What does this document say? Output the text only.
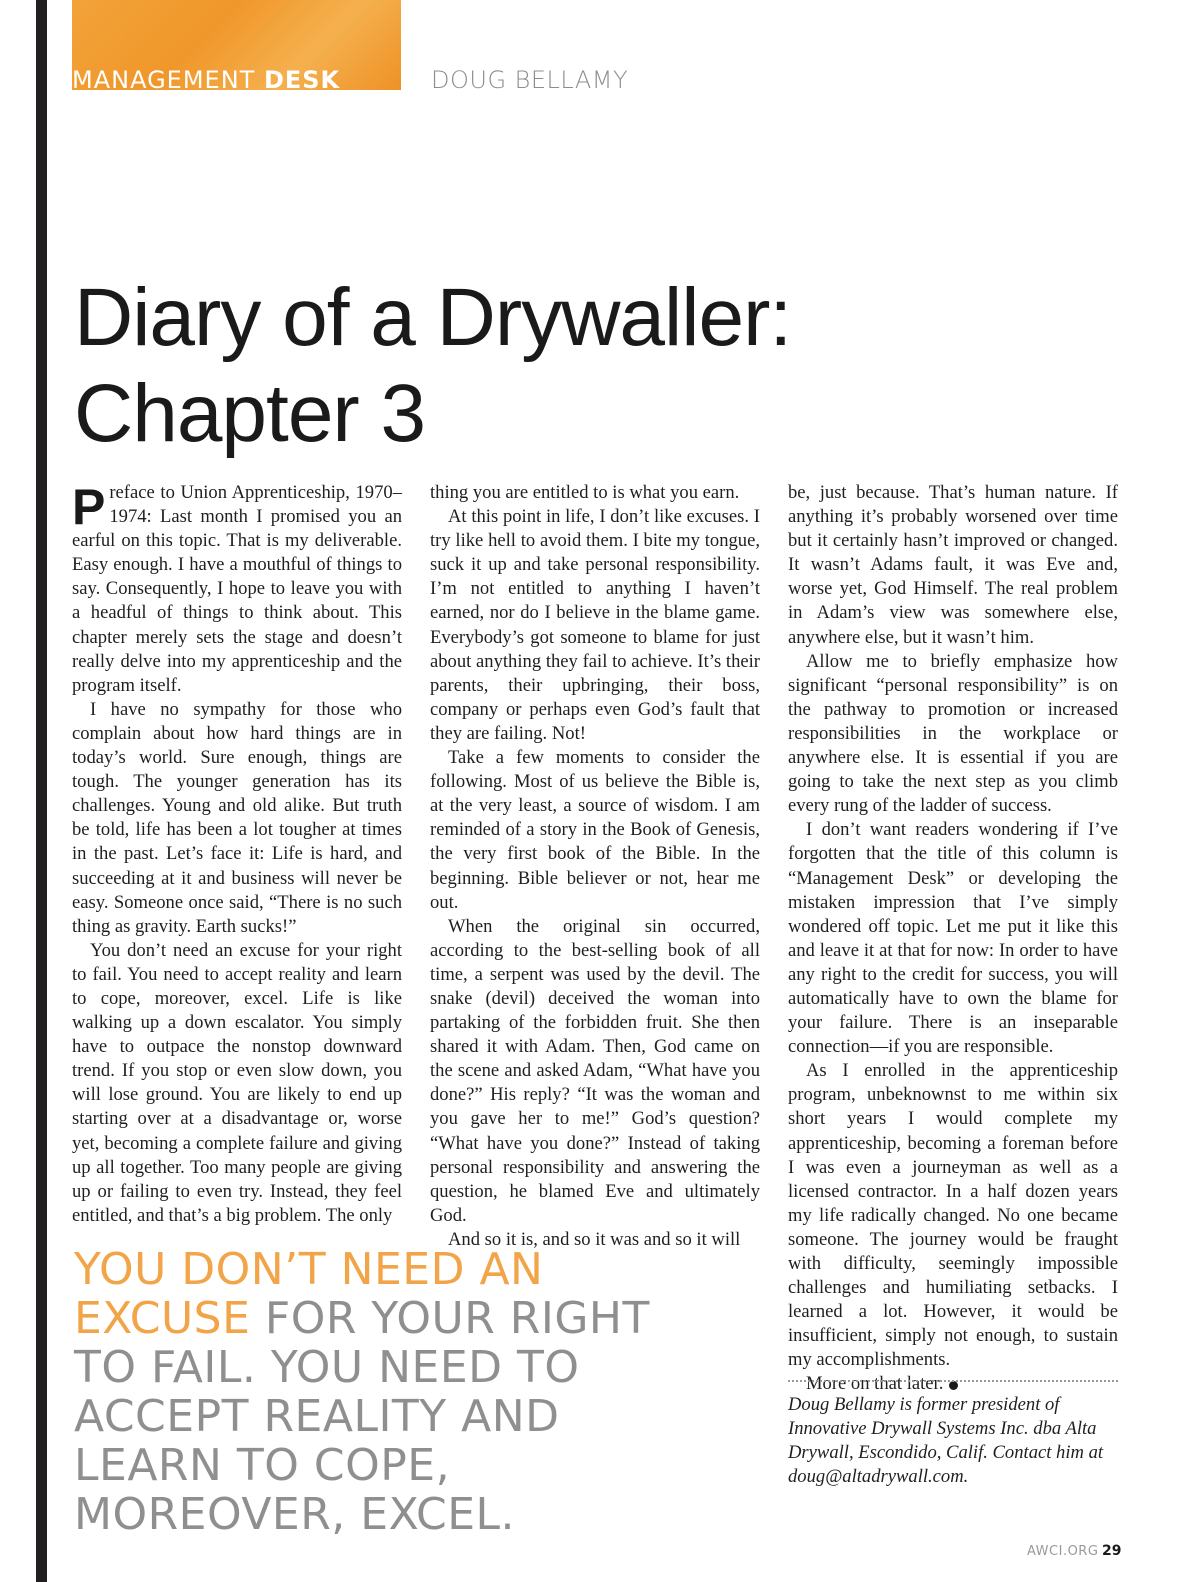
MANAGEMENT DESK	DOUG BELLAMY
Diary of a Drywaller:
Chapter 3

Preface to Union Apprenticeship, 1970–1974: Last month I promised you an earful on this topic. That is my deliverable. Easy enough. I have a mouthful of things to say. Consequently, I hope to leave you with a headful of things to think about. This chapter merely sets the stage and doesn’t really delve into my apprenticeship and the program itself.

I have no sympathy for those who complain about how hard things are in today’s world. Sure enough, things are tough. The younger generation has its challenges. Young and old alike. But truth be told, life has been a lot tougher at times in the past. Let’s face it: Life is hard, and succeeding at it and business will never be easy. Someone once said, “There is no such thing as gravity. Earth sucks!”

You don’t need an excuse for your right to fail. You need to accept reality and learn to cope, moreover, excel. Life is like walking up a down escalator. You simply have to outpace the nonstop downward trend. If you stop or even slow down, you will lose ground. You are likely to end up starting over at a disadvantage or, worse yet, becoming a complete failure and giving up all together. Too many people are giving up or failing to even try. Instead, they feel entitled, and that’s a big problem. The only

thing you are entitled to is what you earn.

At this point in life, I don’t like excuses. I try like hell to avoid them. I bite my tongue, suck it up and take personal responsibility. I’m not entitled to anything I haven’t earned, nor do I believe in the blame game. Everybody’s got someone to blame for just about anything they fail to achieve. It’s their parents, their upbringing, their boss, company or perhaps even God’s fault that they are failing. Not!

Take a few moments to consider the following. Most of us believe the Bible is, at the very least, a source of wisdom. I am reminded of a story in the Book of Genesis, the very first book of the Bible. In the beginning. Bible believer or not, hear me out.

When the original sin occurred, according to the best-selling book of all time, a serpent was used by the devil. The snake (devil) deceived the woman into partaking of the forbidden fruit. She then shared it with Adam. Then, God came on the scene and asked Adam, “What have you done?” His reply? “It was the woman and you gave her to me!” God’s question? “What have you done?” Instead of taking personal responsibility and answering the question, he blamed Eve and ultimately God.

And so it is, and so it was and so it will

be, just because. That’s human nature. If anything it’s probably worsened over time but it certainly hasn’t improved or changed. It wasn’t Adams fault, it was Eve and, worse yet, God Himself. The real problem in Adam’s view was somewhere else, anywhere else, but it wasn’t him.

Allow me to briefly emphasize how significant “personal responsibility” is on the pathway to promotion or increased responsibilities in the workplace or anywhere else. It is essential if you are going to take the next step as you climb every rung of the ladder of success.

I don’t want readers wondering if I’ve forgotten that the title of this column is “Management Desk” or developing the mistaken impression that I’ve simply wondered off topic. Let me put it like this and leave it at that for now: In order to have any right to the credit for success, you will automatically have to own the blame for your failure. There is an inseparable connection—if you are responsible.

As I enrolled in the apprenticeship program, unbeknownst to me within six short years I would complete my apprenticeship, becoming a foreman before I was even a journeyman as well as a licensed contractor. In a half dozen years my life radically changed. No one became someone. The journey would be fraught with difficulty, seemingly impossible challenges and humiliating setbacks. I learned a lot. However, it would be insufficient, simply not enough, to sustain my accomplishments.

More on that later.

YOU DON’T NEED AN EXCUSE FOR YOUR RIGHT TO FAIL. YOU NEED TO ACCEPT REALITY AND LEARN TO COPE, MOREOVER, EXCEL.

Doug Bellamy is former president of Innovative Drywall Systems Inc. dba Alta Drywall, Escondido, Calif. Contact him at doug@altadrywall.com.

AWCI.ORG 29
